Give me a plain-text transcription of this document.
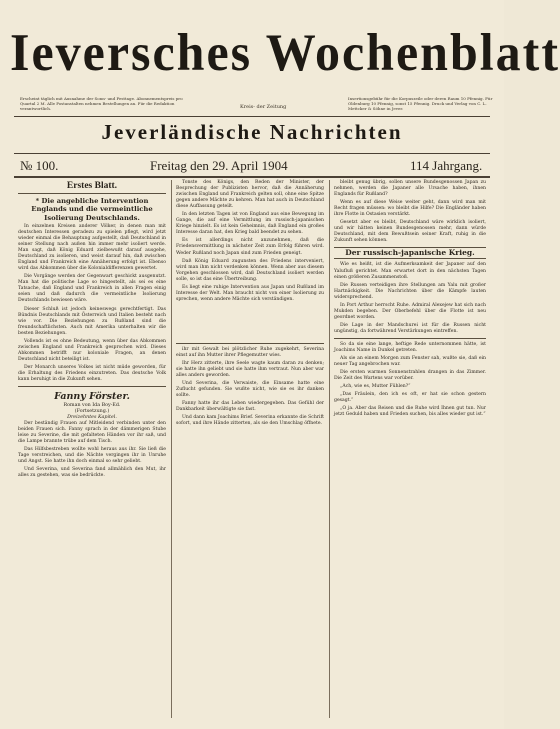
Ieversches Wochenblatt
Erscheint täglich mit Ausnahme der Sonn- und Festtage. Abonnementspreis pro Quartal 2 M. Alle Postanstalten nehmen Bestellungen an. Für die Redaktion verantwortlich.	Kreis- der Zeitung
Insertionsgebühr für die Korpuszeile oder deren Raum 10 Pfennig. Für Oldenburg 10 Pfennig, sonst 15 Pfennig. Druck und Verlag von C. L. Mettcker & Söhne in Jever.
Jeverländische Nachrichten
№ 100.	Freitag den 29. April 1904	114 Jahrgang.
Erstes Blatt.
* Die angebliche Intervention Englands und die vermeintliche Isolierung Deutschlands.

In einzelnen Kreisen anderer Völker, in denen man mit deutschen Interessen geradezu zu spielen pflegt, wird jetzt wieder einmal die Behauptung aufgestellt, daß Deutschland in seiner Stellung nach außen hin immer mehr isoliert werde. Man sagt, daß König Eduard zielbewußt darauf ausgehe, Deutschland zu isolieren, und weist darauf hin, daß zwischen England und Frankreich eine Annäherung erfolgt ist. Ebenso wird das Abkommen über die Kolonialdifferenzen gewertet.

Die Vorgänge werden der Gegenwart geschickt ausgenutzt. Man hat die politische Lage so hingestellt, als sei es eine Tatsache, daß England und Frankreich in allen Fragen einig seien und daß dadurch die vermeintliche Isolierung Deutschlands bewiesen wäre.

Dieser Schluß ist jedoch keineswegs gerechtfertigt. Das Bündnis Deutschlands mit Österreich und Italien besteht nach wie vor. Die Beziehungen zu Rußland sind die freundschaftlichsten. Auch mit Amerika unterhalten wir die besten Beziehungen.

Vollends ist es ohne Bedeutung, wenn über das Abkommen zwischen England und Frankreich gesprochen wird. Dieses Abkommen betrifft nur koloniale Fragen, an denen Deutschland nicht beteiligt ist.

Der Monarch unseres Volkes ist nicht müde geworden, für die Erhaltung des Friedens einzutreten. Das deutsche Volk kann beruhigt in die Zukunft sehen.

Fanny Förster.
Roman von Ida Boy-Ed.
(Fortsetzung.)
Dreizehntes Kapitel.

Der beständig Frauen auf Mitleidend verbinden unter den beiden Frauen sich. Fanny sprach in der dämmerigen Stube leise zu Severine, die mit gefalteten Händen vor ihr saß, und die Lampe brannte trübe auf dem Tisch.

Das Hilfsbestreben wollte wohl heraus aus ihr. Sie ließ die Tage verstreichen, und die Nächte vergingen ihr in Unruhe und Angst. Sie hatte ihn doch einmal so sehr geliebt.

Und Severina, und Severina fand allmählich den Mut, ihr alles zu gestehen, was sie bedrückte.

Tonste des Königs, den Reden der Minister, der Besprechung der Publizisten hervor, daß die Annäherung zwischen England und Frankreich gelten soll, ohne eine Spitze gegen andere Mächte zu kehren. Man hat auch in Deutschland diese Auffassung geteilt.

In den letzten Tagen ist von England aus eine Bewegung im Gange, die auf eine Vermittlung im russisch-japanischen Kriege hinzielt. Es ist kein Geheimnis, daß England ein großes Interesse daran hat, den Krieg bald beendet zu sehen.

Es ist allerdings nicht anzunehmen, daß die Friedensvermittlung in nächster Zeit zum Erfolg führen wird. Weder Rußland noch Japan sind zum Frieden geneigt.

Daß König Eduard zugunsten des Friedens interveniert, wird man ihm nicht verdenken können. Wenn aber aus diesem Vorgehen geschlossen wird, daß Deutschland isoliert werden solle, so ist das eine Übertreibung.

Es liegt eine ruhige Intervention aus Japan und Rußland im Interesse der Welt. Man braucht nicht von einer Isolierung zu sprechen, wenn andere Mächte sich verständigen.

ihr mit Gewalt bei plötzlicher Ruhe zugekehrt, Severina einst auf ihn Mutter ihrer Pflegemutter wies.

Ihr Herz zitterte, ihre Seele wagte kaum daran zu denken; sie hatte ihn geliebt und sie hatte ihm vertraut. Nun aber war alles anders geworden.

Und Severina, die Verwaiste, die Einsame hatte eine Zuflucht gefunden. Sie wußte nicht, wie sie es ihr danken sollte.

Fanny hatte ihr das Leben wiedergegeben. Das Gefühl der Dankbarkeit überwältigte sie fast.

Und dann kam Joachims Brief. Severina erkannte die Schrift sofort, und ihre Hände zitterten, als sie den Umschlag öffnete.

bleibt genug übrig, sollen unsere Bundesgenossen Japan zu nehmen, werden die Japaner alle Ursache haben, ihnen Englands für Rußland?

Wenn es auf diese Weise weiter geht, dann wird man mit Recht fragen müssen: wo bleibt die Hilfe? Die Engländer haben ihre Flotte in Ostasien verstärkt.

Gesetzt aber es bleibt, Deutschland wäre wirklich isoliert, und wir hätten keinen Bundesgenossen mehr, dann würde Deutschland, mit dem Bewußtsein seiner Kraft, ruhig in die Zukunft sehen können.

Der russisch-japanische Krieg.

Wie es heißt, ist die Aufmerksamkeit der Japaner auf den Yalufluß gerichtet. Man erwartet dort in den nächsten Tagen einen größeren Zusammenstoß.

Die Russen verteidigen ihre Stellungen am Yalu mit großer Hartnäckigkeit. Die Nachrichten über die Kämpfe lauten widersprechend.

In Port Arthur herrscht Ruhe. Admiral Alexejew hat sich nach Mukden begeben. Der Oberbefehl über die Flotte ist neu geordnet worden.

Die Lage in der Mandschurei ist für die Russen nicht ungünstig, da fortwährend Verstärkungen eintreffen.

So da sie eine lange, heftige Rede unternommen hätte, ist Joachims Name in Dunkel getreten.

Als sie an einem Morgen zum Fenster sah, wußte sie, daß ein neuer Tag angebrochen war.

Die ersten warmen Sonnenstrahlen drangen in das Zimmer. Die Zeit des Wartens war vorüber.

„Ach, wie es, Mutter Fühlen?“

„Das Fräulein, den ich es oft, er hat sie schon gestern gesagt.“

„O ja. Aber das Reisen und die Ruhe wird Ihnen gut tun. Nur jetzt Geduld haben und Frieden suchen, bis alles wieder gut ist.“
